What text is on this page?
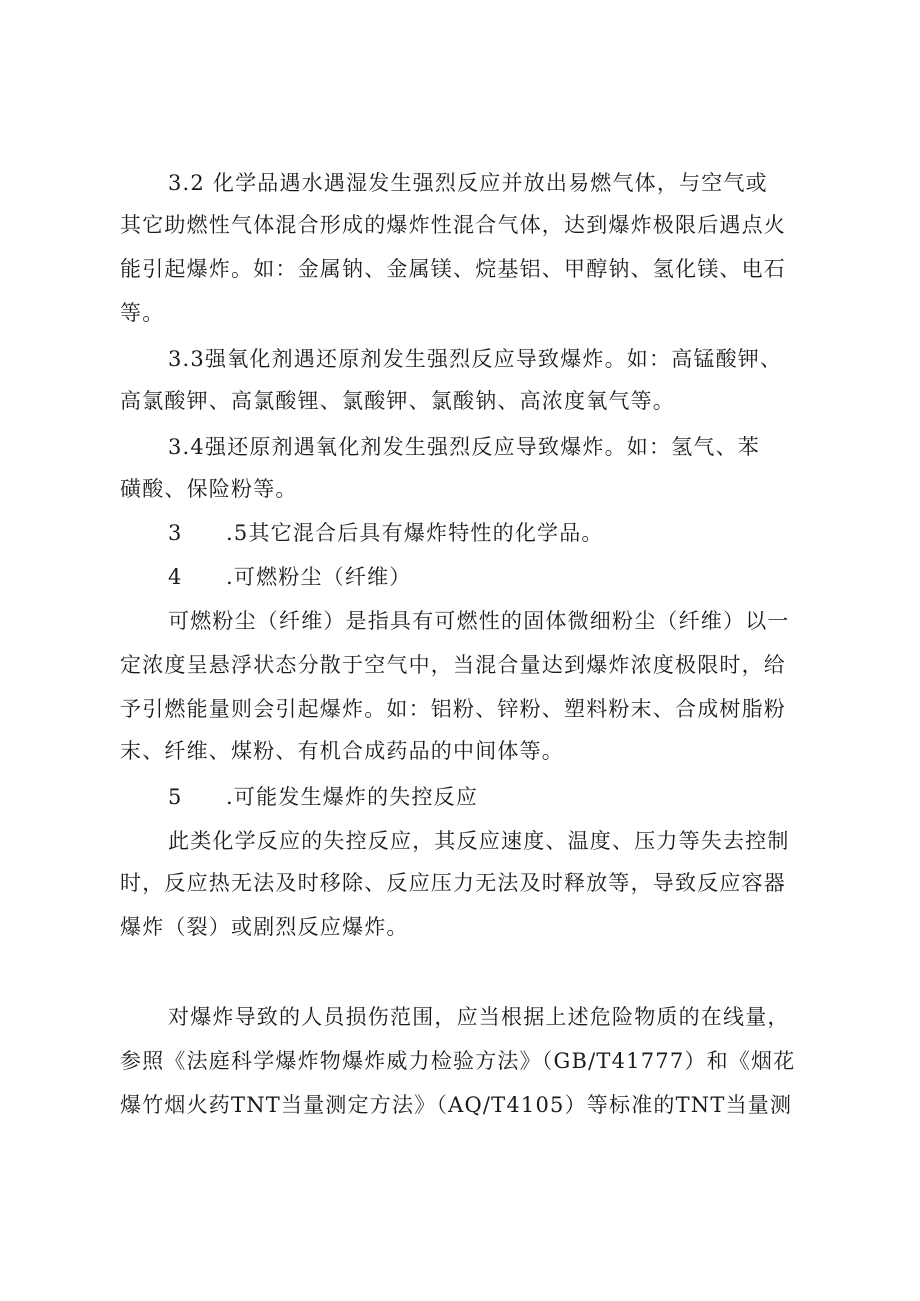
3.2 化学品遇水遇湿发生强烈反应并放出易燃气体，与空气或
其它助燃性气体混合形成的爆炸性混合气体，达到爆炸极限后遇点火
能引起爆炸。如：金属钠、金属镁、烷基铝、甲醇钠、氢化镁、电石
等。
3.3强氧化剂遇还原剂发生强烈反应导致爆炸。如：高锰酸钾、
高氯酸钾、高氯酸锂、氯酸钾、氯酸钠、高浓度氧气等。
3.4强还原剂遇氧化剂发生强烈反应导致爆炸。如：氢气、苯
磺酸、保险粉等。
3 .5其它混合后具有爆炸特性的化学品。
4 .可燃粉尘（纤维）
可燃粉尘（纤维）是指具有可燃性的固体微细粉尘（纤维）以一
定浓度呈悬浮状态分散于空气中，当混合量达到爆炸浓度极限时，给
予引燃能量则会引起爆炸。如：铝粉、锌粉、塑料粉末、合成树脂粉
末、纤维、煤粉、有机合成药品的中间体等。
5 .可能发生爆炸的失控反应
此类化学反应的失控反应，其反应速度、温度、压力等失去控制
时，反应热无法及时移除、反应压力无法及时释放等，导致反应容器
爆炸（裂）或剧烈反应爆炸。
对爆炸导致的人员损伤范围，应当根据上述危险物质的在线量，
参照《法庭科学爆炸物爆炸威力检验方法》（GB/T41777）和《烟花
爆竹烟火药TNT当量测定方法》（AQ/T4105）等标准的TNT当量测
